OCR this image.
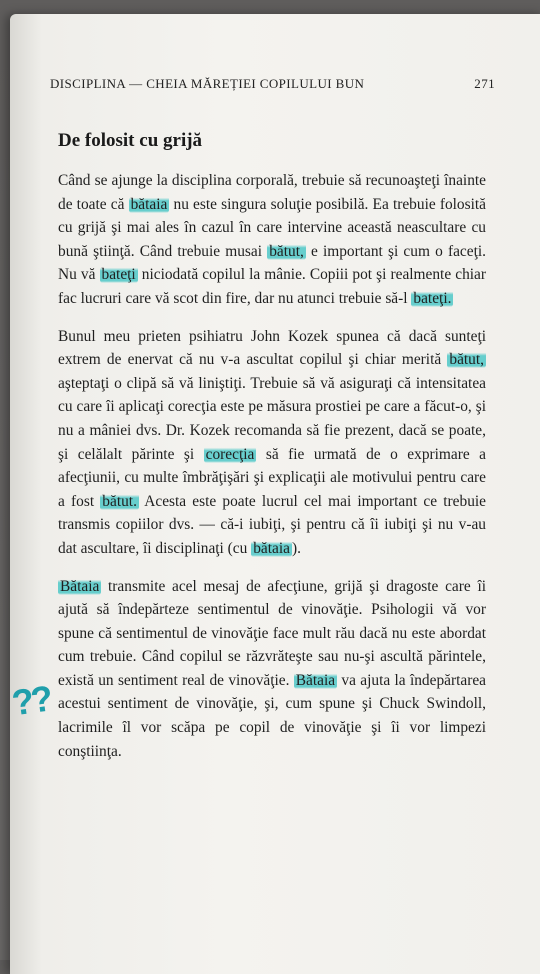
DISCIPLINA — CHEIA MĂREȚIEI COPILULUI BUN	271
De folosit cu grijă

Când se ajunge la disciplina corporală, trebuie să recunoaşteţi înainte de toate că bătaia nu este singura soluţie posibilă. Ea trebuie folosită cu grijă şi mai ales în cazul în care intervine această neascultare cu bună ştiinţă. Când trebuie musai bătut, e important şi cum o faceţi. Nu vă bateţi niciodată copilul la mânie. Copiii pot şi realmente chiar fac lucruri care vă scot din fire, dar nu atunci trebuie să-l bateţi.

Bunul meu prieten psihiatru John Kozek spunea că dacă sunteţi extrem de enervat că nu v-a ascultat copilul şi chiar merită bătut, aşteptaţi o clipă să vă liniştiţi. Trebuie să vă asiguraţi că intensitatea cu care îi aplicaţi corecţia este pe măsura prostiei pe care a făcut-o, şi nu a mâniei dvs. Dr. Kozek recomanda să fie prezent, dacă se poate, şi celălalt părinte şi corecţia să fie urmată de o exprimare a afecţiunii, cu multe îmbrăţişări şi explicaţii ale motivului pentru care a fost bătut. Acesta este poate lucrul cel mai important ce trebuie transmis copiilor dvs. — că-i iubiţi, şi pentru că îi iubiţi şi nu v-au dat ascultare, îi disciplinaţi (cu bătaia ).

Bătaia transmite acel mesaj de afecţiune, grijă şi dragoste care îi ajută să îndepărteze sentimentul de vinovăţie. Psihologii vă vor spune că sentimentul de vinovăţie face mult rău dacă nu este abordat cum trebuie. Când copilul se răzvrăteşte sau nu-şi ascultă părintele, există un sentiment real de vinovăţie. Bătaia va ajuta la îndepărtarea acestui sentiment de vinovăţie, şi, cum spune şi Chuck Swindoll, lacrimile îl vor scăpa pe copil de vinovăţie şi îi vor limpezi conştiinţa.

??
